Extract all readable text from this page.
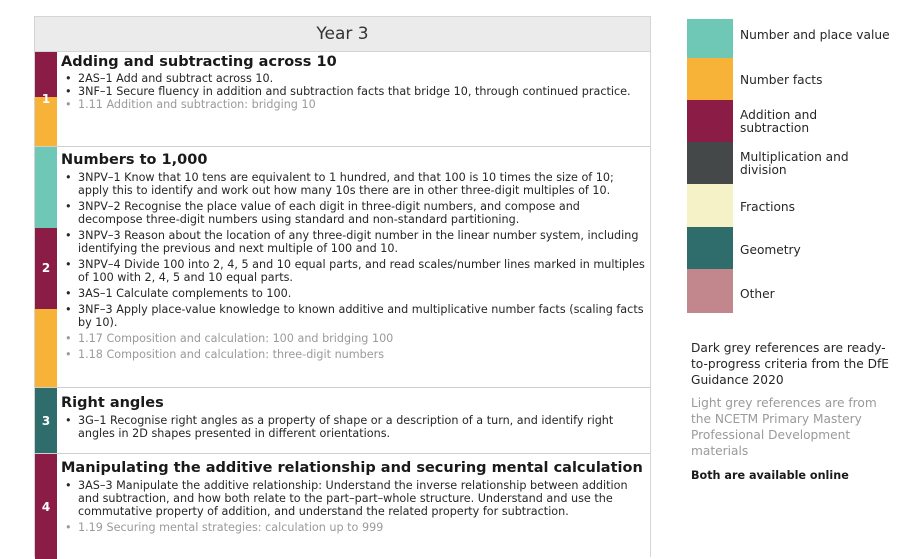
Year 3
1
Adding and subtracting across 10
• 2AS–1 Add and subtract across 10.
• 3NF–1 Secure fluency in addition and subtraction facts that bridge 10, through continued practice.
• 1.11 Addition and subtraction: bridging 10
2
Numbers to 1,000
• 3NPV–1 Know that 10 tens are equivalent to 1 hundred, and that 100 is 10 times the size of 10; apply this to identify and work out how many 10s there are in other three-digit multiples of 10.
• 3NPV–2 Recognise the place value of each digit in three-digit numbers, and compose and decompose three-digit numbers using standard and non-standard partitioning.
• 3NPV–3 Reason about the location of any three-digit number in the linear number system, including identifying the previous and next multiple of 100 and 10.
• 3NPV–4 Divide 100 into 2, 4, 5 and 10 equal parts, and read scales/number lines marked in multiples of 100 with 2, 4, 5 and 10 equal parts.
• 3AS–1 Calculate complements to 100.
• 3NF–3 Apply place-value knowledge to known additive and multiplicative number facts (scaling facts by 10).
• 1.17 Composition and calculation: 100 and bridging 100
• 1.18 Composition and calculation: three-digit numbers
3
Right angles
• 3G–1 Recognise right angles as a property of shape or a description of a turn, and identify right angles in 2D shapes presented in different orientations.
4
Manipulating the additive relationship and securing mental calculation
• 3AS–3 Manipulate the additive relationship: Understand the inverse relationship between addition and subtraction, and how both relate to the part–part–whole structure. Understand and use the commutative property of addition, and understand the related property for subtraction.
• 1.19 Securing mental strategies: calculation up to 999
Number and place value
Number facts
Addition and subtraction
Multiplication and division
Fractions
Geometry
Other
Dark grey references are ready-to-progress criteria from the DfE Guidance 2020
Light grey references are from the NCETM Primary Mastery Professional Development materials
Both are available online
